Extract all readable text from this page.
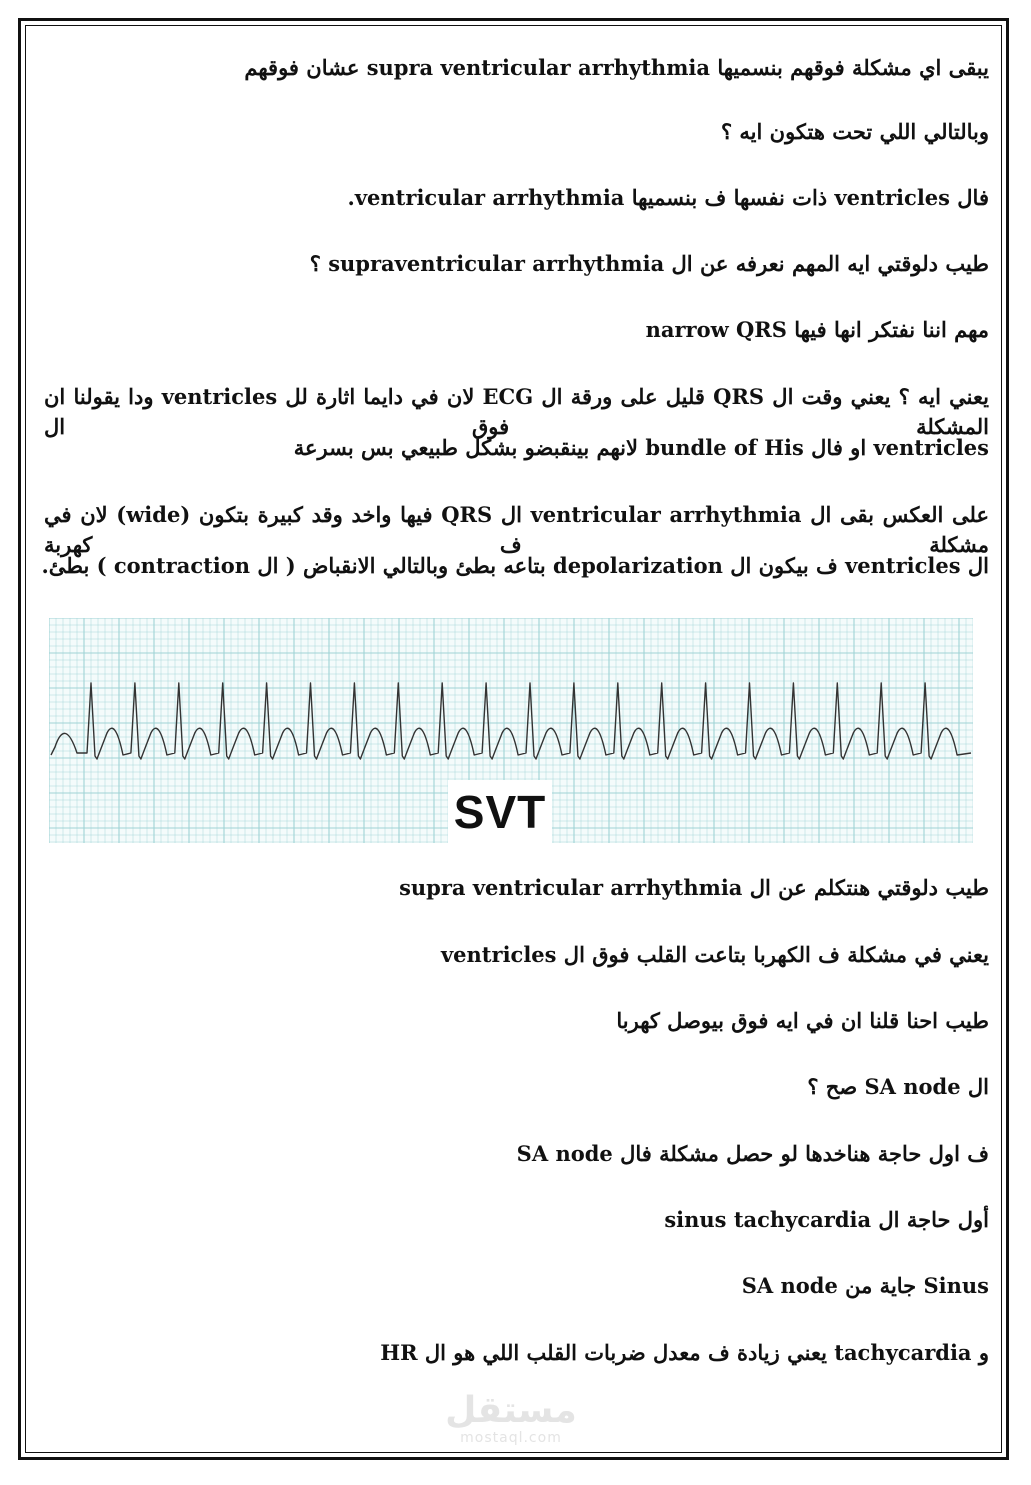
يبقى اي مشكلة فوقهم بنسميها supra ventricular arrhythmia عشان فوقهم
وبالتالي اللي تحت هتكون ايه ؟
فال ventricles ذات نفسها ف بنسميها ventricular arrhythmia.
طيب دلوقتي ايه المهم نعرفه عن ال supraventricular arrhythmia ؟
مهم اننا نفتكر انها فيها narrow QRS
يعني ايه ؟ يعني وقت ال QRS قليل على ورقة ال ECG لان في دايما اثارة لل ventricles ودا يقولنا ان المشكلة فوق ال
ventricles او فال bundle of His لانهم بينقبضو بشكل طبيعي بس بسرعة
على العكس بقى ال ventricular arrhythmia ال QRS فيها واخد وقد كبيرة بتكون (wide) لان في مشكلة ف كهربة
ال ventricles ف بيكون ال depolarization بتاعه بطئ وبالتالي الانقباض ( ال contraction ) بطئ.
SVT
طيب دلوقتي هنتكلم عن ال supra ventricular arrhythmia
يعني في مشكلة ف الكهربا بتاعت القلب فوق ال ventricles
طيب احنا قلنا ان في ايه فوق بيوصل كهربا
ال SA node صح ؟
ف اول حاجة هناخدها لو حصل مشكلة فال SA node
أول حاجة ال sinus tachycardia
Sinus جاية من SA node
و tachycardia يعني زيادة ف معدل ضربات القلب اللي هو ال HR
مستقل
mostaql.com
